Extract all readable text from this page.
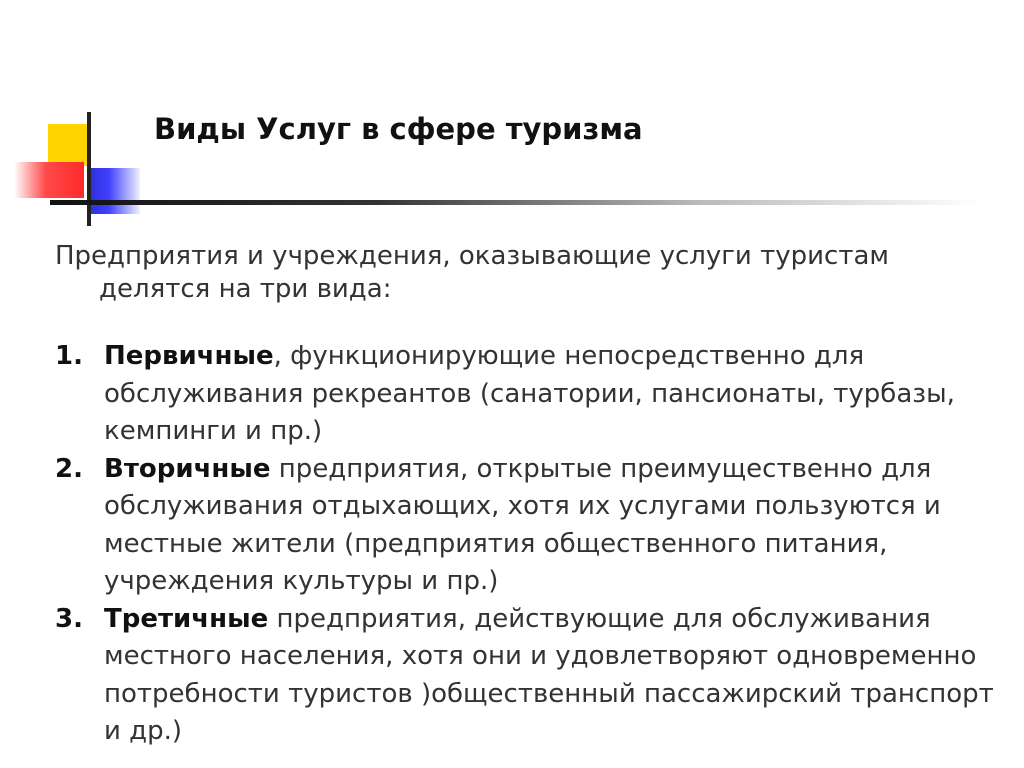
Виды Услуг в сфере туризма
Предприятия и учреждения, оказывающие услуги туристам
делятся на три вида:
1. Первичные, функционирующие непосредственно для обслуживания рекреантов (санатории, пансионаты, турбазы, кемпинги и пр.)
2. Вторичные предприятия, открытые преимущественно для обслуживания отдыхающих, хотя их услугами пользуются и местные жители (предприятия общественного питания, учреждения культуры и пр.)
3. Третичные предприятия, действующие для обслуживания местного населения, хотя они и удовлетворяют одновременно потребности туристов )общественный пассажирский транспорт и др.)
